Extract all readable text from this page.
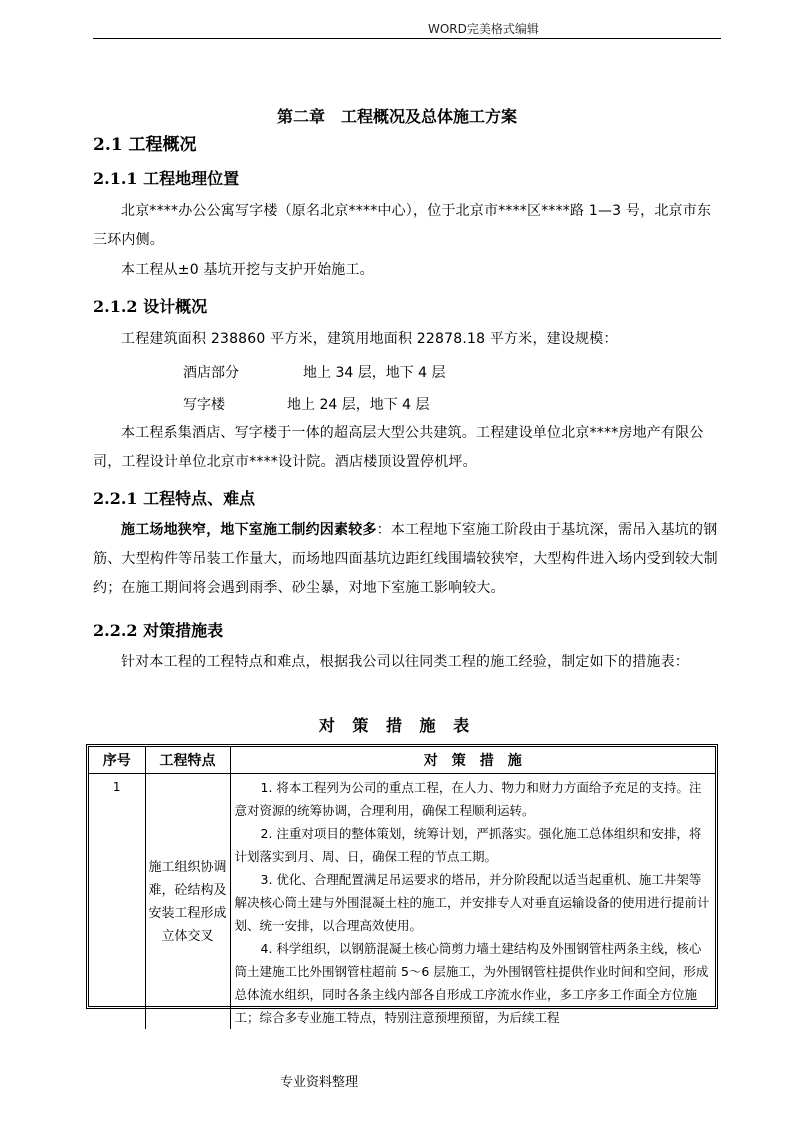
WORD完美格式编辑
第二章　工程概况及总体施工方案
2.1 工程概况
2.1.1 工程地理位置
北京****办公公寓写字楼（原名北京****中心），位于北京市****区****路 1—3 号，北京市东三环内侧。
本工程从±0 基坑开挖与支护开始施工。
2.1.2 设计概况
工程建筑面积 238860 平方米，建筑用地面积 22878.18 平方米，建设规模：
酒店部分	地上 34 层，地下 4 层
写字楼	地上 24 层，地下 4 层
本工程系集酒店、写字楼于一体的超高层大型公共建筑。工程建设单位北京****房地产有限公司，工程设计单位北京市****设计院。酒店楼顶设置停机坪。
2.2.1 工程特点、难点
施工场地狭窄，地下室施工制约因素较多：本工程地下室施工阶段由于基坑深，需吊入基坑的钢筋、大型构件等吊装工作量大，而场地四面基坑边距红线围墙较狭窄，大型构件进入场内受到较大制约；在施工期间将会遇到雨季、砂尘暴，对地下室施工影响较大。
2.2.2 对策措施表
针对本工程的工程特点和难点，根据我公司以往同类工程的施工经验，制定如下的措施表：
对 策 措 施 表
序号	工程特点	对　策　措　施
1	施工组织协调难，砼结构及安装工程形成立体交叉	1. 将本工程列为公司的重点工程，在人力、物力和财力方面给予充足的支持。注意对资源的统筹协调，合理利用，确保工程顺利运转。

2. 注重对项目的整体策划，统筹计划，严抓落实。强化施工总体组织和安排，将计划落实到月、周、日，确保工程的节点工期。

3. 优化、合理配置满足吊运要求的塔吊，并分阶段配以适当起重机、施工井架等解决核心筒土建与外围混凝土柱的施工，并安排专人对垂直运输设备的使用进行提前计划、统一安排，以合理高效使用。

4. 科学组织，以钢筋混凝土核心筒剪力墙土建结构及外围钢管柱两条主线，核心筒土建施工比外围钢管柱超前 5～6 层施工，为外围钢管柱提供作业时间和空间，形成总体流水组织，同时各条主线内部各自形成工序流水作业，多工序多工作面全方位施工；综合多专业施工特点，特别注意预埋预留，为后续工程

专业资料整理
